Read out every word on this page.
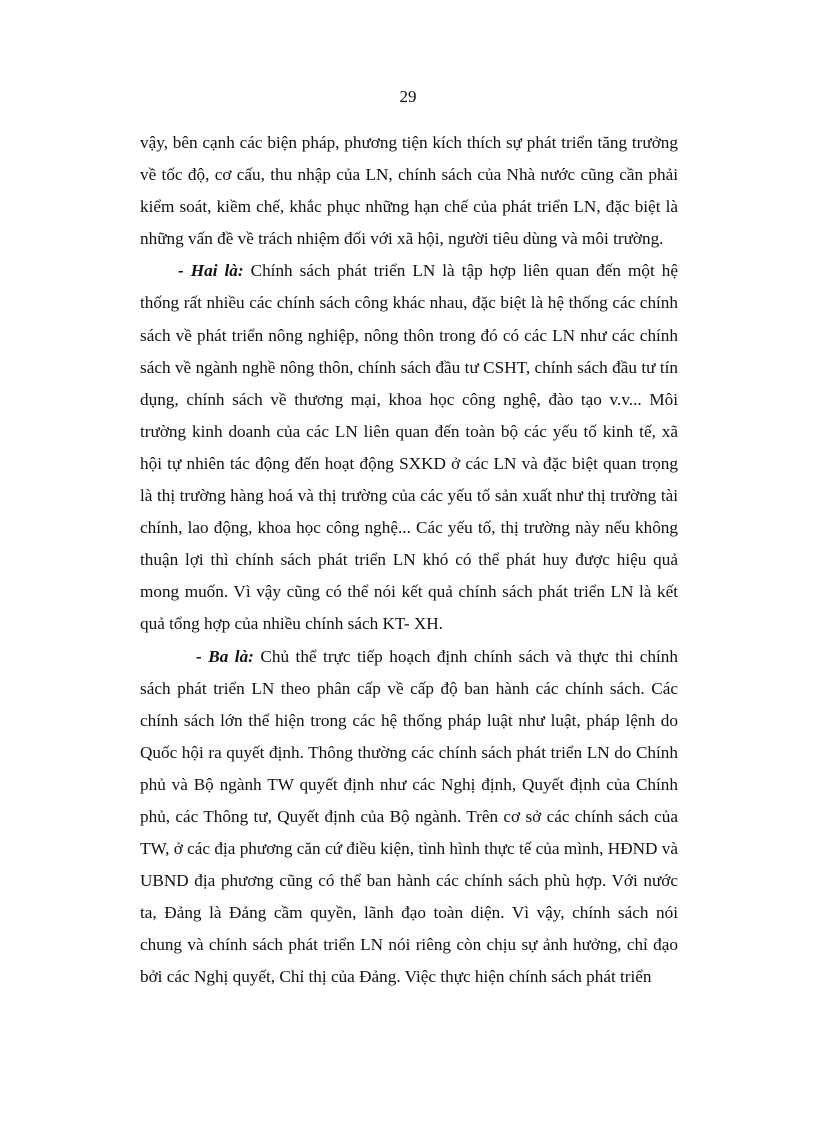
29

vậy, bên cạnh các biện pháp, phương tiện kích thích sự phát triển tăng trưởng về tốc độ, cơ cấu, thu nhập của LN, chính sách của Nhà nước cũng cần phải kiểm soát, kiềm chế, khắc phục những hạn chế của phát triển LN, đặc biệt là những vấn đề về trách nhiệm đối với xã hội, người tiêu dùng và môi trường.

- Hai là: Chính sách phát triển LN là tập hợp liên quan đến một hệ thống rất nhiều các chính sách công khác nhau, đặc biệt là hệ thống các chính sách về phát triển nông nghiệp, nông thôn trong đó có các LN như các chính sách về ngành nghề nông thôn, chính sách đầu tư CSHT, chính sách đầu tư tín dụng, chính sách về thương mại, khoa học công nghệ, đào tạo v.v... Môi trường kinh doanh của các LN liên quan đến toàn bộ các yếu tố kinh tế, xã hội tự nhiên tác động đến hoạt động SXKD ở các LN và đặc biệt quan trọng là thị trường hàng hoá và thị trường của các yếu tố sản xuất như thị trường tài chính, lao động, khoa học công nghệ... Các yếu tố, thị trường này nếu không thuận lợi thì chính sách phát triển LN khó có thể phát huy được hiệu quả mong muốn. Vì vậy cũng có thể nói kết quả chính sách phát triển LN là kết quả tổng hợp của nhiều chính sách KT- XH.

- Ba là: Chủ thể trực tiếp hoạch định chính sách và thực thi chính sách phát triển LN theo phân cấp về cấp độ ban hành các chính sách. Các chính sách lớn thể hiện trong các hệ thống pháp luật như luật, pháp lệnh do Quốc hội ra quyết định. Thông thường các chính sách phát triển LN do Chính phủ và Bộ ngành TW quyết định như các Nghị định, Quyết định của Chính phủ, các Thông tư, Quyết định của Bộ ngành. Trên cơ sở các chính sách của TW, ở các địa phương căn cứ điều kiện, tình hình thực tế của mình, HĐND và UBND địa phương cũng có thể ban hành các chính sách phù hợp. Với nước ta, Đảng là Đảng cầm quyền, lãnh đạo toàn diện. Vì vậy, chính sách nói chung và chính sách phát triển LN nói riêng còn chịu sự ảnh hưởng, chỉ đạo bởi các Nghị quyết, Chỉ thị của Đảng. Việc thực hiện chính sách phát triển
